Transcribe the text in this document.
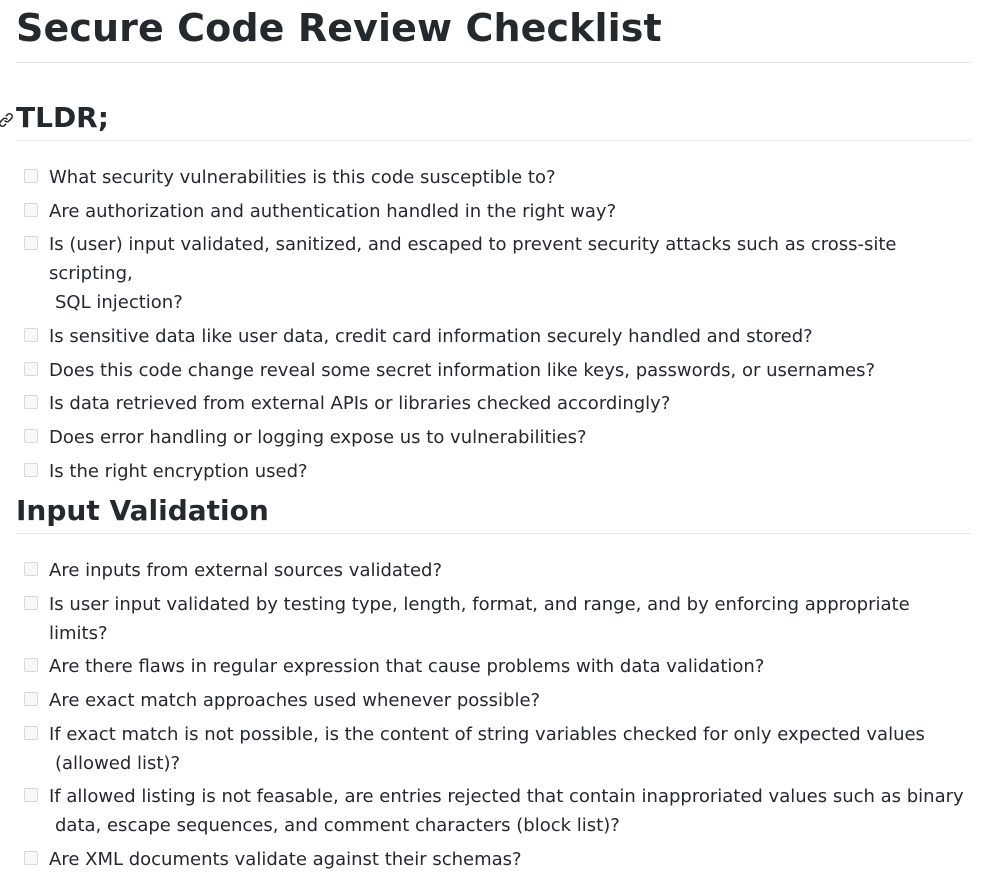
Secure Code Review Checklist
TLDR;
What security vulnerabilities is this code susceptible to?
Are authorization and authentication handled in the right way?
Is (user) input validated, sanitized, and escaped to prevent security attacks such as cross-site scripting,
SQL injection?
Is sensitive data like user data, credit card information securely handled and stored?
Does this code change reveal some secret information like keys, passwords, or usernames?
Is data retrieved from external APIs or libraries checked accordingly?
Does error handling or logging expose us to vulnerabilities?
Is the right encryption used?
Input Validation
Are inputs from external sources validated?
Is user input validated by testing type, length, format, and range, and by enforcing appropriate limits?
Are there flaws in regular expression that cause problems with data validation?
Are exact match approaches used whenever possible?
If exact match is not possible, is the content of string variables checked for only expected values
(allowed list)?
If allowed listing is not feasable, are entries rejected that contain inapproriated values such as binary
data, escape sequences, and comment characters (block list)?
Are XML documents validate against their schemas?
